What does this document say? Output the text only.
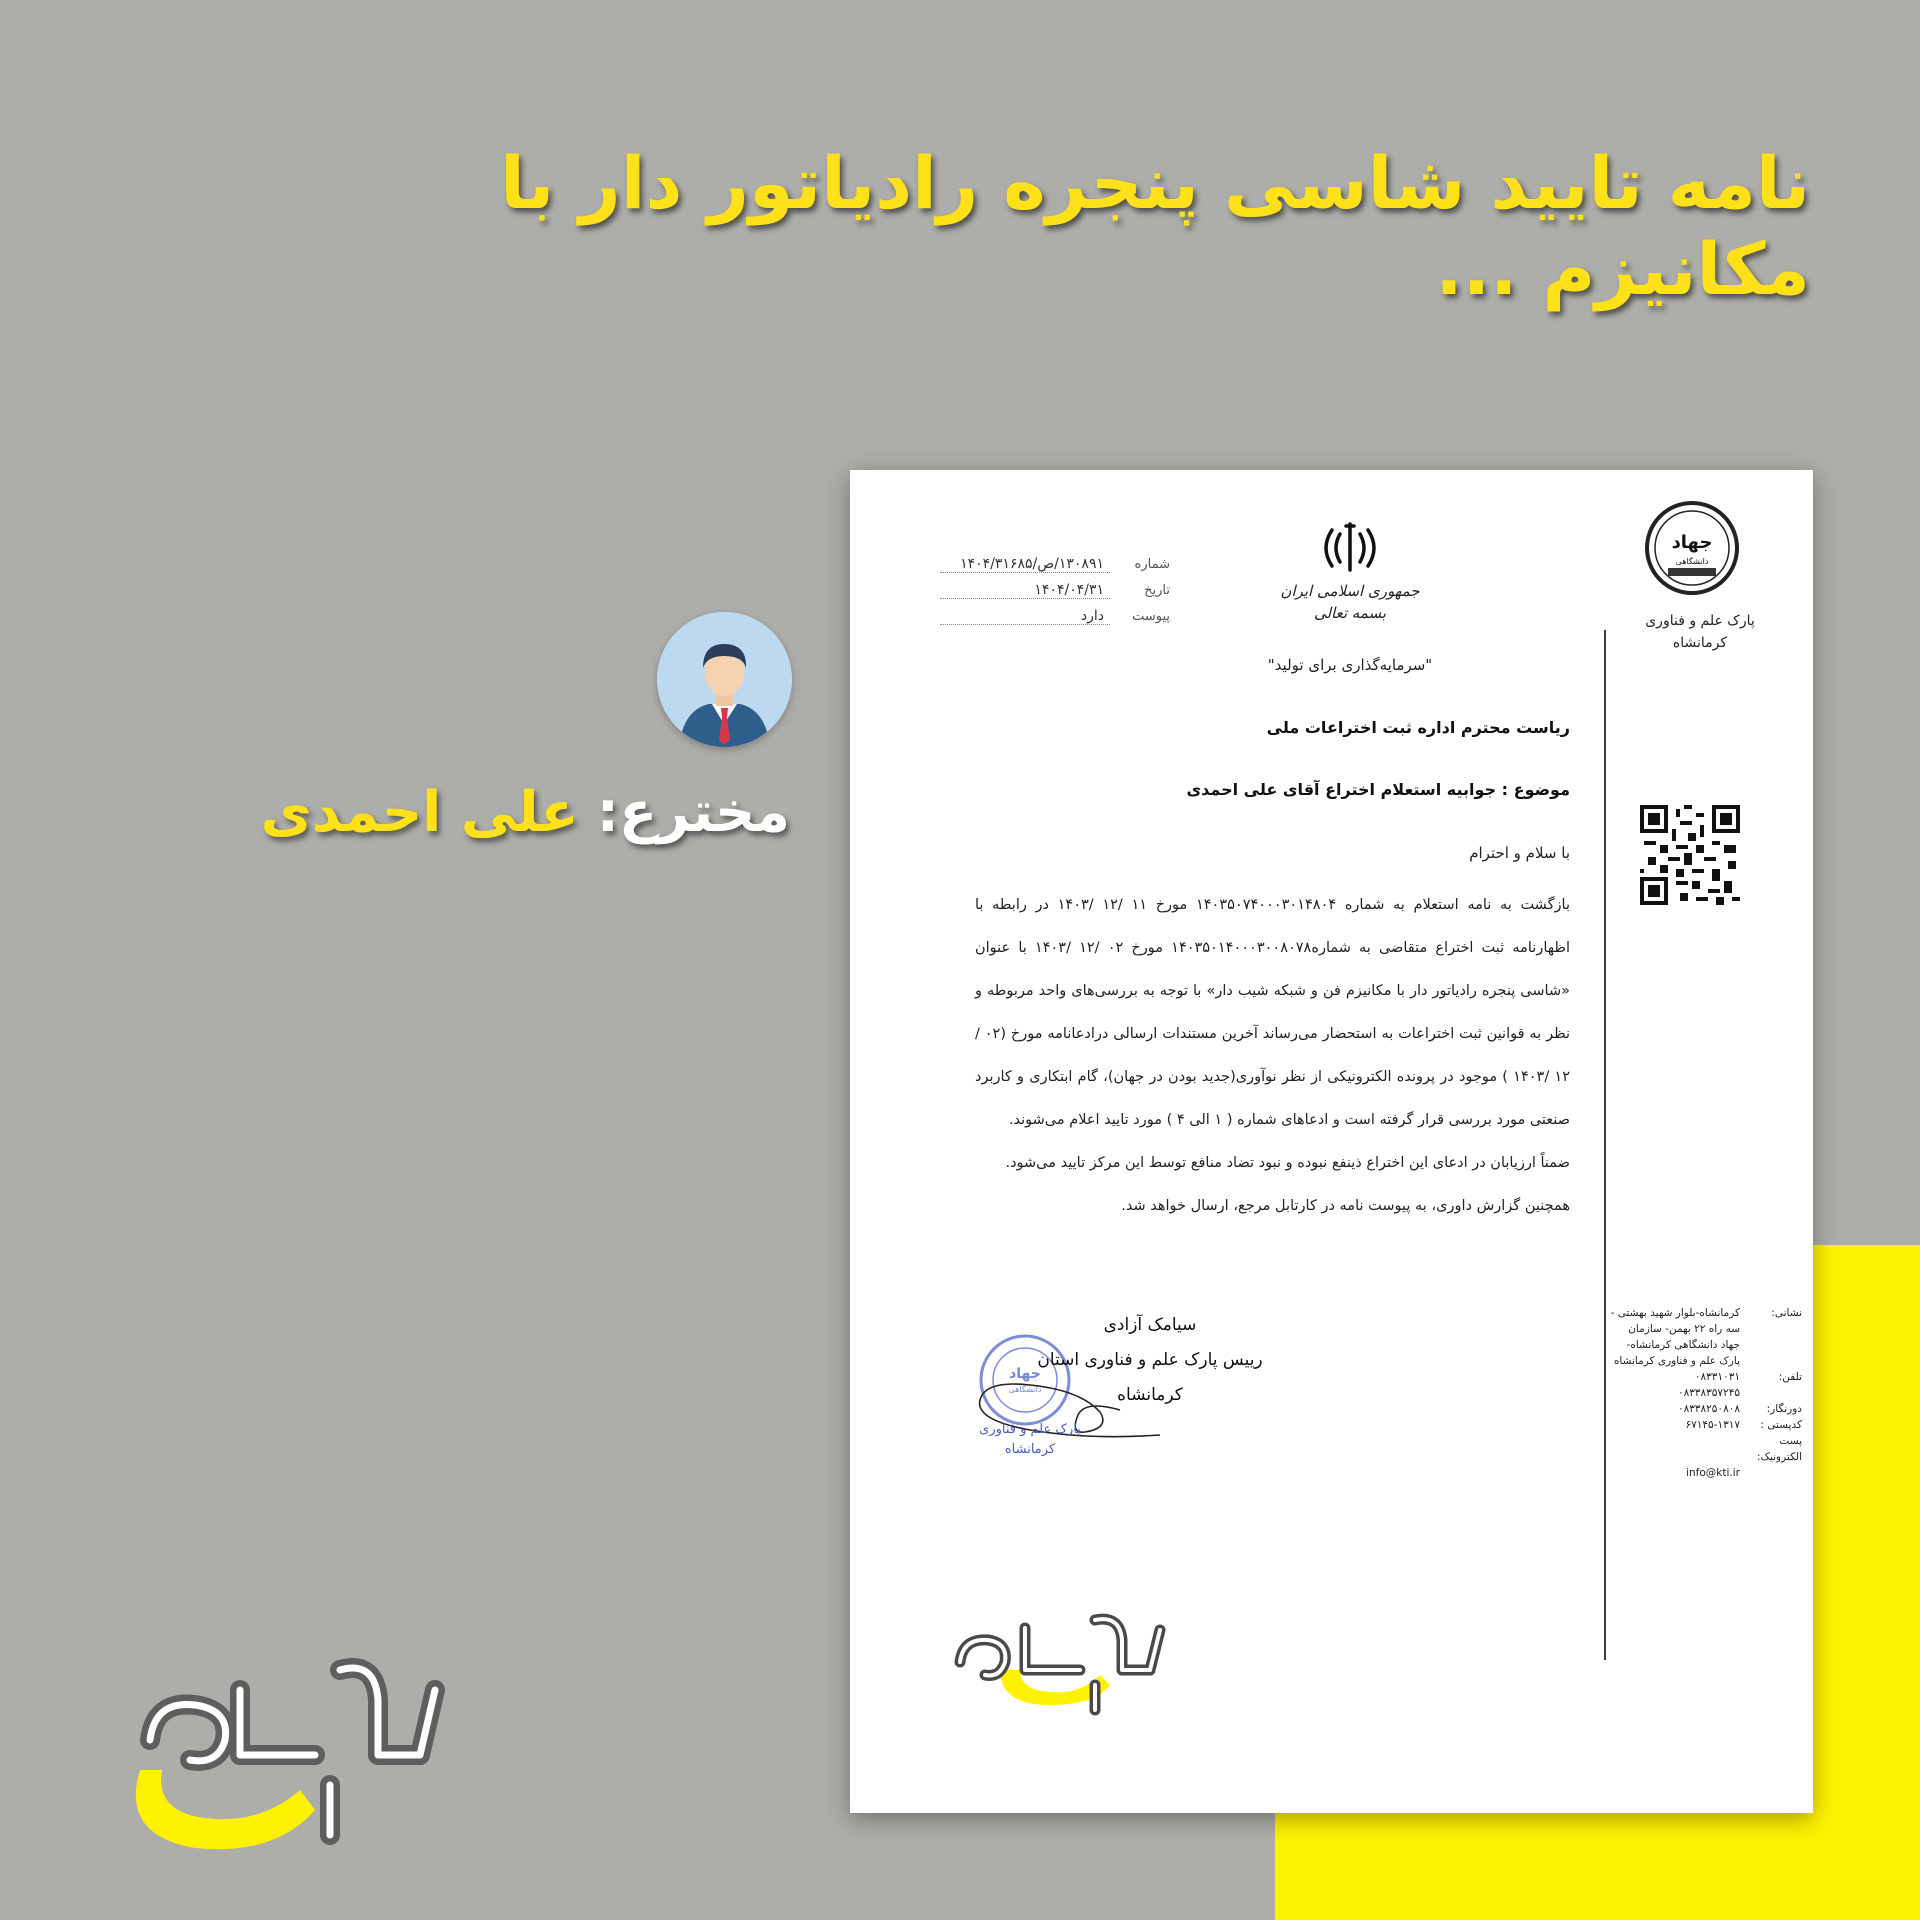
نامه تایید شاسی پنجره رادیاتور دار با مکانیزم ...
مخترع:علی احمدی
جهاد
دانشگاهی
پارک علم و فناوری
کرمانشاه
جمهوری اسلامی ایران
بسمه تعالی
"سرمایه‌گذاری برای تولید"
شماره
۱۳۰۸۹۱/ص/۱۴۰۴/۳۱۶۸۵
تاریخ
۱۴۰۴/۰۴/۳۱
پیوست
دارد
ریاست محترم اداره ثبت اختراعات ملی
موضوع : جوابیه استعلام اختراع آقای علی احمدی
با سلام و احترام

بازگشت به نامه استعلام به شماره ۱۴۰۳۵۰۷۴۰۰۰۳۰۱۴۸۰۴ مورخ ۱۱ /۱۲ /۱۴۰۳ در رابطه با اظهارنامه ثبت اختراع متقاضی به شماره۱۴۰۳۵۰۱۴۰۰۰۳۰۰۸۰۷۸ مورخ ۰۲ /۱۲ /۱۴۰۳ با عنوان «شاسی پنجره رادیاتور دار با مکانیزم فن و شبکه شیب دار» با توجه به بررسی‌های واحد مربوطه و نظر به قوانین ثبت اختراعات به استحضار می‌رساند آخرین مستندات ارسالی درادعانامه مورخ (۰۲ /۱۲ /۱۴۰۳ ) موجود در پرونده الکترونیکی از نظر نوآوری(جدید بودن در جهان)، گام ابتکاری و کاربرد صنعتی مورد بررسی قرار گرفته است و ادعاهای شماره ( ۱ الی ۴ ) مورد تایید اعلام می‌شوند.

ضمناً ارزیابان در ادعای این اختراع ذینفع نبوده و نبود تضاد منافع توسط این مرکز تایید می‌شود.

همچنین گزارش داوری، به پیوست نامه در کارتابل مرجع، ارسال خواهد شد.

جهاد
دانشگاهی
سیامک آزادی
رییس پارک علم و فناوری استان
کرمانشاه
پارک علم و فناوری
کرمانشاه
نشانی:
کرمانشاه-بلوار شهید بهشتی - سه راه ۲۲ بهمن- سازمان جهاد دانشگاهی کرمانشاه-پارک علم و فناوری کرمانشاه
تلفن:
۰۸۳۳۱۰۳۱
۰۸۳۳۸۳۵۷۲۴۵
دورنگار:
۰۸۳۳۸۲۵۰۸۰۸
کدپستی :
۶۷۱۴۵-۱۳۱۷
پست الکترونیک:
info@kti.ir
